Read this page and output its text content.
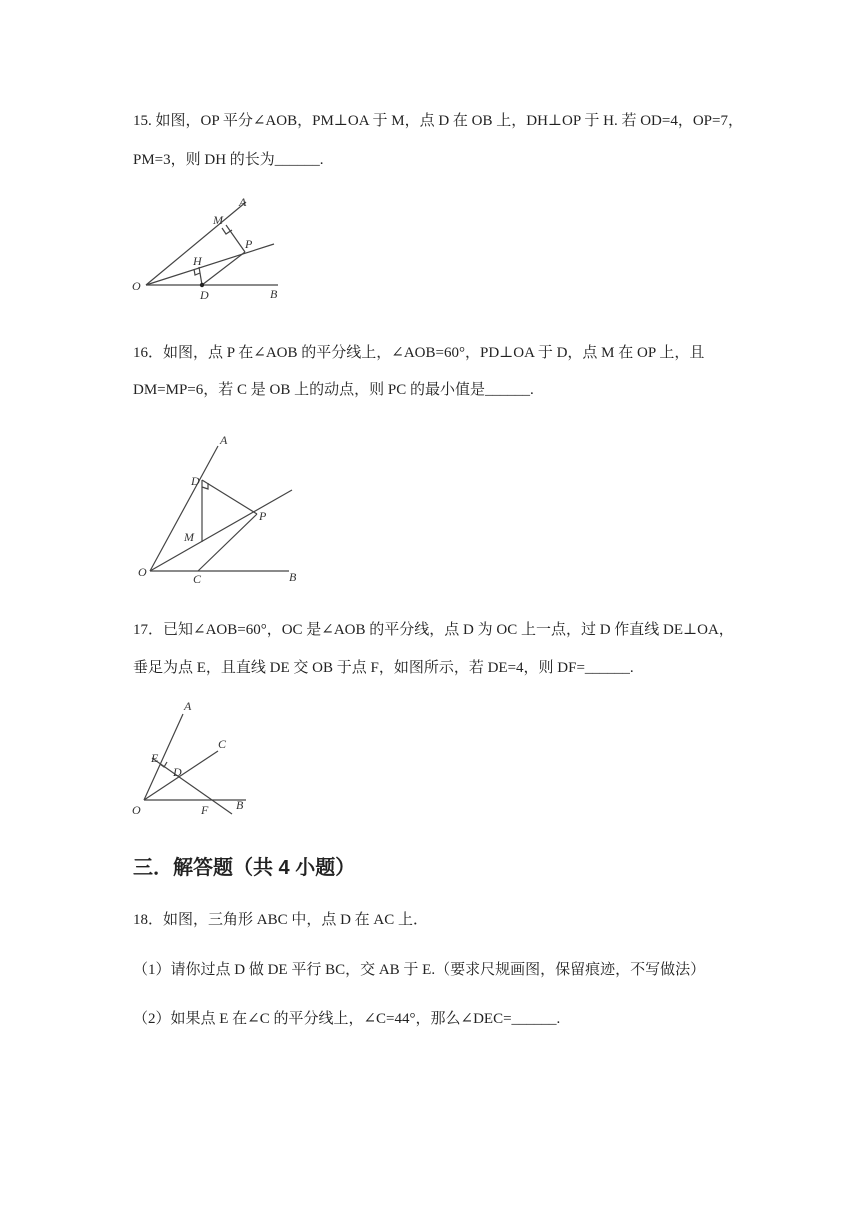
15. 如图，OP 平分∠AOB，PM⊥OA 于 M，点 D 在 OB 上，DH⊥OP 于 H. 若 OD=4，OP=7，
PM=3，则 DH 的长为______.
A
M
P
H
O
D	B
16．如图，点 P 在∠AOB 的平分线上，∠AOB=60°，PD⊥OA 于 D，点 M 在 OP 上，且
DM=MP=6，若 C 是 OB 上的动点，则 PC 的最小值是______.
A
D
P
M
O	C	B
17．已知∠AOB=60°，OC 是∠AOB 的平分线，点 D 为 OC 上一点，过 D 作直线 DE⊥OA，
垂足为点 E，且直线 DE 交 OB 于点 F，如图所示，若 DE=4，则 DF=______.
A
C
E
D
O	F B
三．解答题（共 4 小题）
18．如图，三角形 ABC 中，点 D 在 AC 上．
（1）请你过点 D 做 DE 平行 BC，交 AB 于 E.（要求尺规画图，保留痕迹，不写做法）
（2）如果点 E 在∠C 的平分线上，∠C=44°，那么∠DEC=______.
